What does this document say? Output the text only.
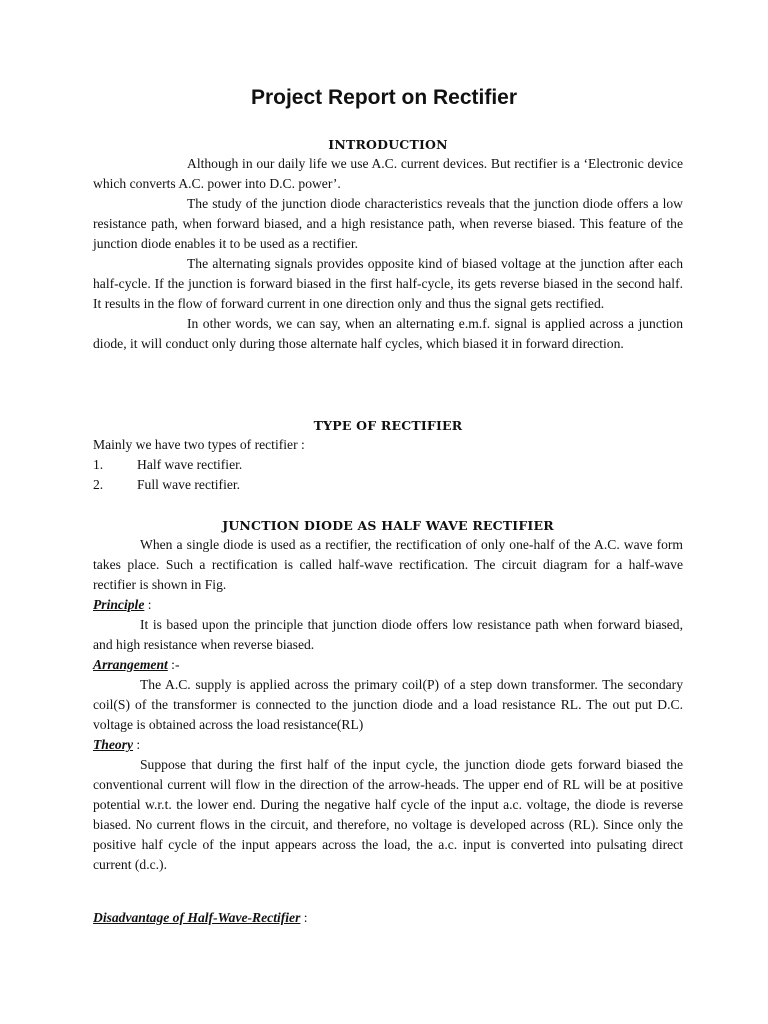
Project Report on Rectifier
INTRODUCTION

Although in our daily life we use A.C. current devices. But rectifier is a ‘Electronic device which converts A.C. power into D.C. power’.

The study of the junction diode characteristics reveals that the junction diode offers a low resistance path, when forward biased, and a high resistance path, when reverse biased. This feature of the junction diode enables it to be used as a rectifier.

The alternating signals provides opposite kind of biased voltage at the junction after each half-cycle. If the junction is forward biased in the first half-cycle, its gets reverse biased in the second half. It results in the flow of forward current in one direction only and thus the signal gets rectified.

In other words, we can say, when an alternating e.m.f. signal is applied across a junction diode, it will conduct only during those alternate half cycles, which biased it in forward direction.

TYPE OF RECTIFIER
Mainly we have two types of rectifier :
1.	Half wave rectifier.
2.	Full wave rectifier.
JUNCTION DIODE AS HALF WAVE RECTIFIER

When a single diode is used as a rectifier, the rectification of only one-half of the A.C. wave form takes place. Such a rectification is called half-wave rectification. The circuit diagram for a half-wave rectifier is shown in Fig.

Principle :

It is based upon the principle that junction diode offers low resistance path when forward biased, and high resistance when reverse biased.

Arrangement :-

The A.C. supply is applied across the primary coil(P) of a step down transformer. The secondary coil(S) of the transformer is connected to the junction diode and a load resistance RL. The out put D.C. voltage is obtained across the load resistance(RL)

Theory :

Suppose that during the first half of the input cycle, the junction diode gets forward biased the conventional current will flow in the direction of the arrow-heads. The upper end of RL will be at positive potential w.r.t. the lower end. During the negative half cycle of the input a.c. voltage, the diode is reverse biased. No current flows in the circuit, and therefore, no voltage is developed across (RL). Since only the positive half cycle of the input appears across the load, the a.c. input is converted into pulsating direct current (d.c.).

Disadvantage of Half-Wave-Rectifier :
